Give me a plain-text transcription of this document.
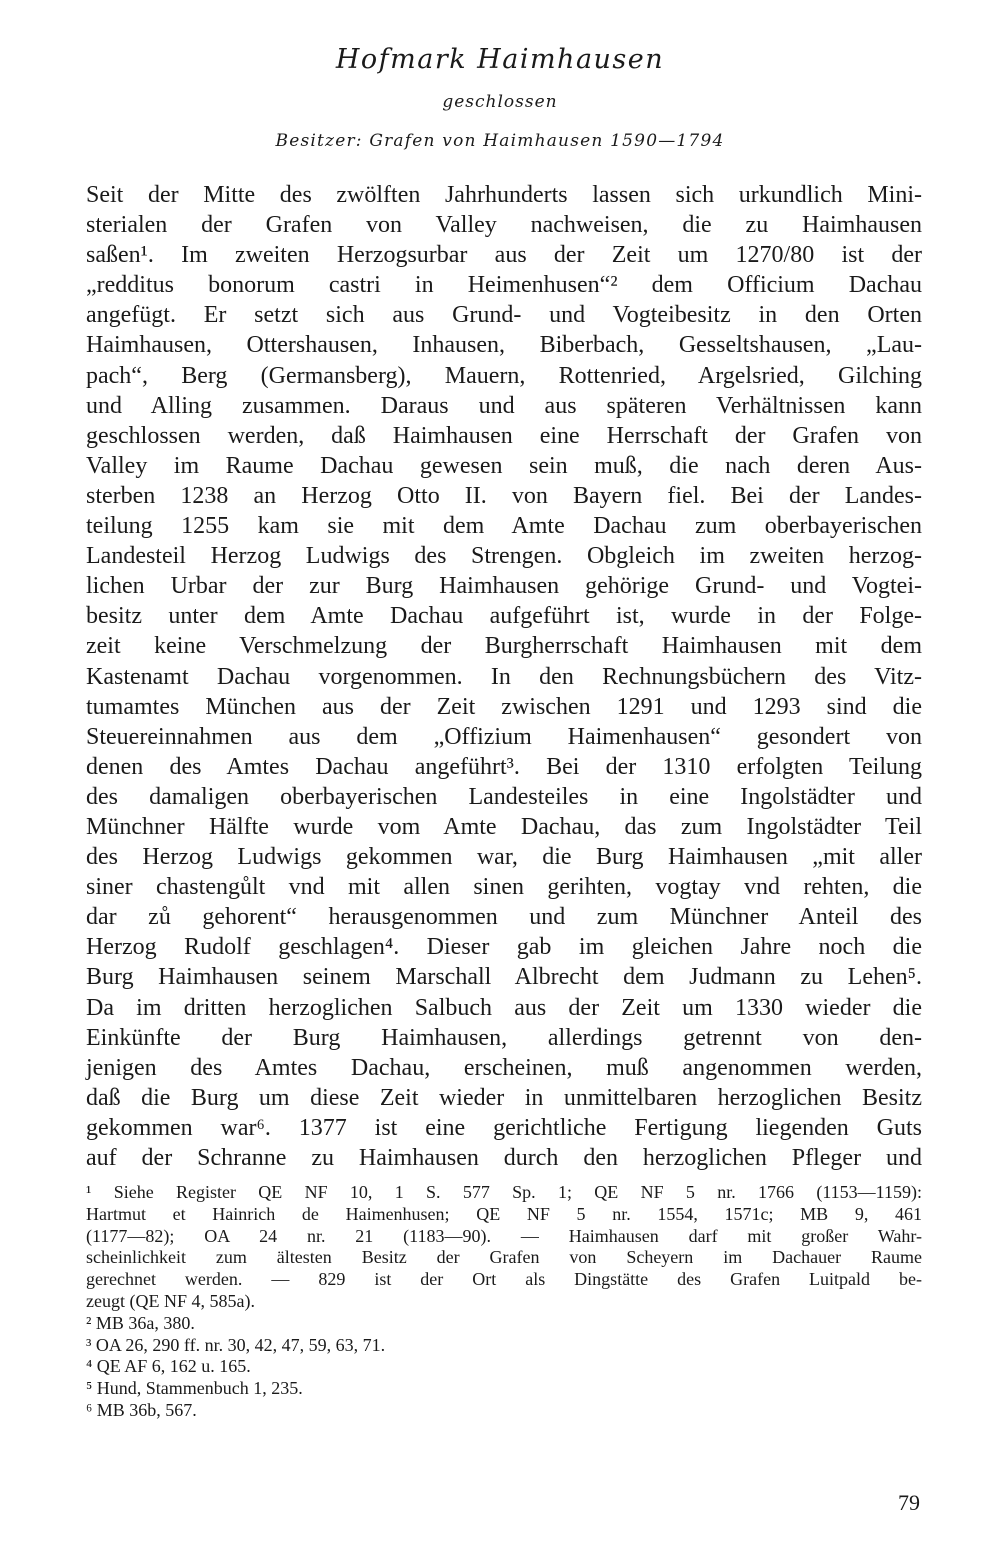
Hofmark Haimhausen
geschlossen
Besitzer: Grafen von Haimhausen 1590—1794
Seit der Mitte des zwölften Jahrhunderts lassen sich urkundlich Mini-
sterialen der Grafen von Valley nachweisen, die zu Haimhausen
saßen¹. Im zweiten Herzogsurbar aus der Zeit um 1270/80 ist der
„redditus bonorum castri in Heimenhusen“² dem Officium Dachau
angefügt. Er setzt sich aus Grund- und Vogteibesitz in den Orten
Haimhausen, Ottershausen, Inhausen, Biberbach, Gesseltshausen, „Lau-
pach“, Berg (Germansberg), Mauern, Rottenried, Argelsried, Gilching
und Alling zusammen. Daraus und aus späteren Verhältnissen kann
geschlossen werden, daß Haimhausen eine Herrschaft der Grafen von
Valley im Raume Dachau gewesen sein muß, die nach deren Aus-
sterben 1238 an Herzog Otto II. von Bayern fiel. Bei der Landes-
teilung 1255 kam sie mit dem Amte Dachau zum oberbayerischen
Landesteil Herzog Ludwigs des Strengen. Obgleich im zweiten herzog-
lichen Urbar der zur Burg Haimhausen gehörige Grund- und Vogtei-
besitz unter dem Amte Dachau aufgeführt ist, wurde in der Folge-
zeit keine Verschmelzung der Burgherrschaft Haimhausen mit dem
Kastenamt Dachau vorgenommen. In den Rechnungsbüchern des Vitz-
tumamtes München aus der Zeit zwischen 1291 und 1293 sind die
Steuereinnahmen aus dem „Offizium Haimenhausen“ gesondert von
denen des Amtes Dachau angeführt³. Bei der 1310 erfolgten Teilung
des damaligen oberbayerischen Landesteiles in eine Ingolstädter und
Münchner Hälfte wurde vom Amte Dachau, das zum Ingolstädter Teil
des Herzog Ludwigs gekommen war, die Burg Haimhausen „mit aller
siner chastengůlt vnd mit allen sinen gerihten, vogtay vnd rehten, die
dar zů gehorent“ herausgenommen und zum Münchner Anteil des
Herzog Rudolf geschlagen⁴. Dieser gab im gleichen Jahre noch die
Burg Haimhausen seinem Marschall Albrecht dem Judmann zu Lehen⁵.
Da im dritten herzoglichen Salbuch aus der Zeit um 1330 wieder die
Einkünfte der Burg Haimhausen, allerdings getrennt von den-
jenigen des Amtes Dachau, erscheinen, muß angenommen werden,
daß die Burg um diese Zeit wieder in unmittelbaren herzoglichen Besitz
gekommen war⁶. 1377 ist eine gerichtliche Fertigung liegenden Guts
auf der Schranne zu Haimhausen durch den herzoglichen Pfleger und
¹ Siehe Register QE NF 10, 1 S. 577 Sp. 1; QE NF 5 nr. 1766 (1153—1159):
Hartmut et Hainrich de Haimenhusen; QE NF 5 nr. 1554, 1571c; MB 9, 461
(1177—82); OA 24 nr. 21 (1183—90). — Haimhausen darf mit großer Wahr-
scheinlichkeit zum ältesten Besitz der Grafen von Scheyern im Dachauer Raume
gerechnet werden. — 829 ist der Ort als Dingstätte des Grafen Luitpald be-
zeugt (QE NF 4, 585a).
² MB 36a, 380.
³ OA 26, 290 ff. nr. 30, 42, 47, 59, 63, 71.
⁴ QE AF 6, 162 u. 165.
⁵ Hund, Stammenbuch 1, 235.
⁶ MB 36b, 567.
79
